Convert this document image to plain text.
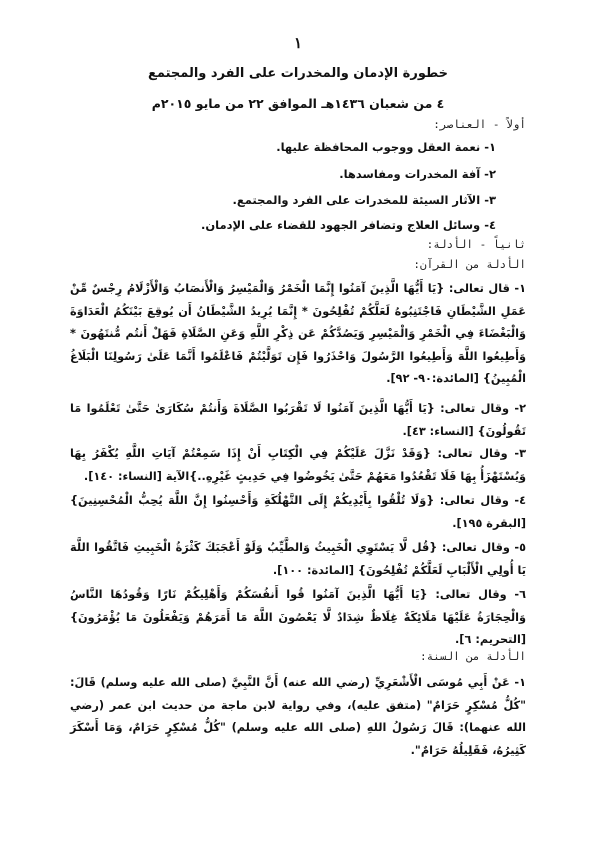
١
خطورة الإدمان والمخدرات على الفرد والمجتمع
٤ من شعبان ١٤٣٦هـ الموافق ٢٢ من مايو ٢٠١٥م
أولاً - العناصر:
١- نعمة العقل ووجوب المحافظة عليها.
٢- آفة المخدرات ومفاسدها.
٣- الآثار السيئة للمخدرات على الفرد والمجتمع.
٤- وسائل العلاج وتضافر الجهود للقضاء على الإدمان.
ثانياً - الأدلة:
الأدلة من القرآن:
١- قال تعالى: {يَا أَيُّهَا الَّذِينَ آمَنُوا إِنَّمَا الْخَمْرُ وَالْمَيْسِرُ وَالْأَنصَابُ وَالْأَزْلَامُ رِجْسٌ مِّنْ عَمَلِ الشَّيْطَانِ فَاجْتَنِبُوهُ لَعَلَّكُمْ تُفْلِحُونَ * إِنَّمَا يُرِيدُ الشَّيْطَانُ أَن يُوقِعَ بَيْنَكُمُ الْعَدَاوَةَ وَالْبَغْضَاءَ فِي الْخَمْرِ وَالْمَيْسِرِ وَيَصُدَّكُمْ عَن ذِكْرِ اللَّهِ وَعَنِ الصَّلَاةِ فَهَلْ أَنتُم مُّنتَهُونَ * وَأَطِيعُوا اللَّهَ وَأَطِيعُوا الرَّسُولَ وَاحْذَرُوا فَإِن تَوَلَّيْتُمْ فَاعْلَمُوا أَنَّمَا عَلَىٰ رَسُولِنَا الْبَلَاغُ الْمُبِينُ} [المائدة:٩٠- ٩٢].
٢- وقال تعالى: {يَا أَيُّهَا الَّذِينَ آمَنُوا لَا تَقْرَبُوا الصَّلَاةَ وَأَنتُمْ سُكَارَىٰ حَتَّىٰ تَعْلَمُوا مَا تَقُولُونَ} [النساء: ٤٣].
٣- وقال تعالى: {وَقَدْ نَزَّلَ عَلَيْكُمْ فِي الْكِتَابِ أَنْ إِذَا سَمِعْتُمْ آيَاتِ اللَّهِ يُكْفَرُ بِهَا وَيُسْتَهْزَأُ بِهَا فَلَا تَقْعُدُوا مَعَهُمْ حَتَّىٰ يَخُوضُوا فِي حَدِيثٍ غَيْرِهِ..}الآية [النساء: ١٤٠].
٤- وقال تعالى: {وَلَا تُلْقُوا بِأَيْدِيكُمْ إِلَى التَّهْلُكَةِ وَأَحْسِنُوا إِنَّ اللَّهَ يُحِبُّ الْمُحْسِنِينَ} [البقرة ١٩٥].
٥- وقال تعالى: {قُل لَّا يَسْتَوِي الْخَبِيثُ وَالطَّيِّبُ وَلَوْ أَعْجَبَكَ كَثْرَةُ الْخَبِيثِ فَاتَّقُوا اللَّهَ يَا أُولِي الْأَلْبَابِ لَعَلَّكُمْ تُفْلِحُونَ} [المائدة: ١٠٠].
٦- وقال تعالى: {يَا أَيُّهَا الَّذِينَ آمَنُوا قُوا أَنفُسَكُمْ وَأَهْلِيكُمْ نَارًا وَقُودُهَا النَّاسُ وَالْحِجَارَةُ عَلَيْهَا مَلَائِكَةٌ غِلَاظٌ شِدَادٌ لَّا يَعْصُونَ اللَّهَ مَا أَمَرَهُمْ وَيَفْعَلُونَ مَا يُؤْمَرُونَ} [التحريم: ٦].
الأدلة من السنة:
١- عَنْ أَبِي مُوسَى الْأَشْعَرِيِّ (رضي الله عنه) أَنَّ النَّبِيَّ (صلى الله عليه وسلم) قَالَ: "كُلُّ مُسْكِرٍ حَرَامٌ" (متفق عليه)، وفي رواية لابن ماجة من حديث ابن عمر (رضي الله عنهما): قَالَ رَسُولُ اللهِ (صلى الله عليه وسلم) "كُلُّ مُسْكِرٍ حَرَامٌ، وَمَا أَسْكَرَ كَثِيرُهُ، فَقَلِيلُهُ حَرَامٌ".
